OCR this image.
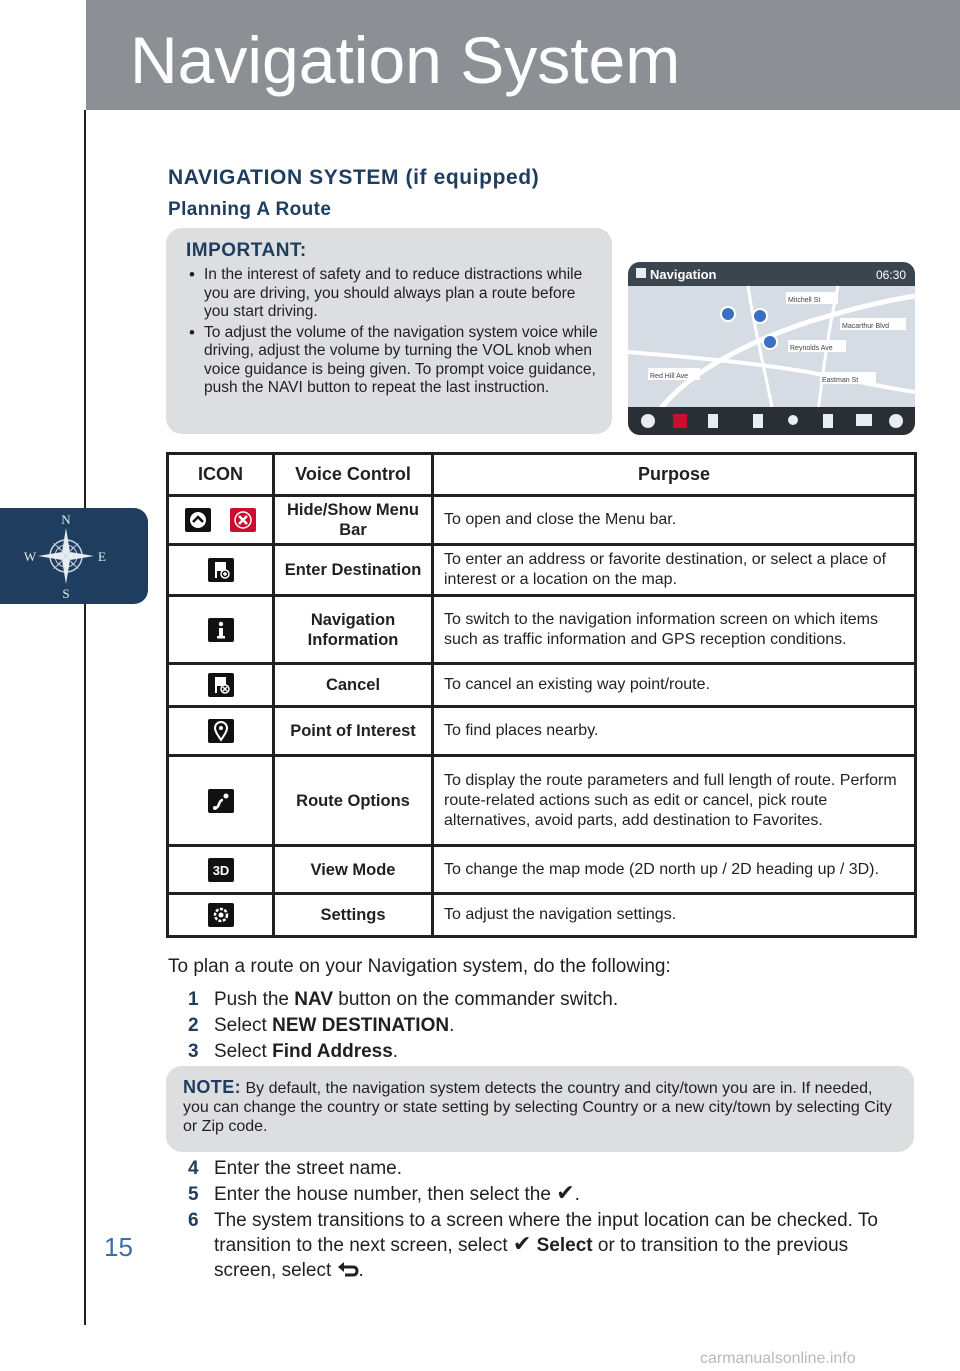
Navigation System
N
S
W	E
NAVIGATION SYSTEM (if equipped)
Planning A Route
IMPORTANT:
• In the interest of safety and to reduce distractions while you are driving, you should always plan a route before you start driving.
• To adjust the volume of the navigation system voice while driving, adjust the volume by turning the VOL knob when voice guidance is being given. To prompt voice guidance, push the NAVI button to repeat the last instruction.
Navigation	06:30
Mitchell St
Macarthur Blvd
Reynolds Ave
Red Hill Ave
Eastman St
ICON	Voice Control	Purpose

	Hide/Show Menu Bar	To open and close the Menu bar.

	Enter Destination	To enter an address or favorite destination, or select a place of interest or a location on the map.

	Navigation Information	To switch to the navigation information screen on which items such as traffic information and GPS reception conditions.

	Cancel	To cancel an existing way point/route.

	Point of Interest	To find places nearby.

	Route Options	To display the route parameters and full length of route. Perform route-related actions such as edit or cancel, pick route alternatives, avoid parts, add destination to Favorites.

3D	View Mode	To change the map mode (2D north up / 2D heading up / 3D).

	Settings	To adjust the navigation settings.
To plan a route on your Navigation system, do the following:
1 Push the NAV button on the commander switch.
2 Select NEW DESTINATION.
3 Select Find Address.
NOTE: By default, the navigation system detects the country and city/town you are in. If needed, you can change the country or state setting by selecting Country or a new city/town by selecting City or Zip code.
4 Enter the street name.
5 Enter the house number, then select the ✔.
6 The system transitions to a screen where the input location can be checked. To transition to the next screen, select ✔ Select or to transition to the previous screen, select .
15
carmanualsonline.info
